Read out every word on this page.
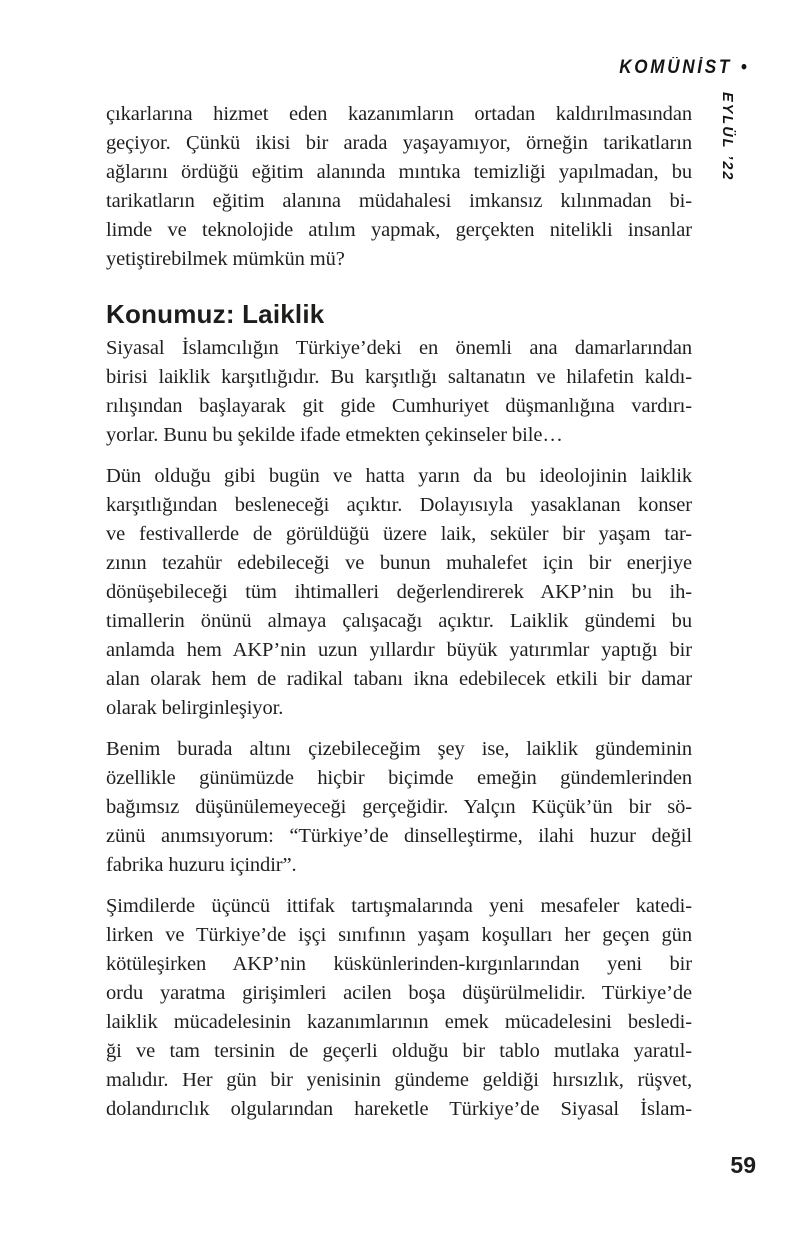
KOMÜNİST •
EYLÜL ’22
çıkarlarına hizmet eden kazanımların ortadan kaldırılmasından
geçiyor. Çünkü ikisi bir arada yaşayamıyor, örneğin tarikatların
ağlarını ördüğü eğitim alanında mıntıka temizliği yapılmadan, bu
tarikatların eğitim alanına müdahalesi imkansız kılınmadan bi-
limde ve teknolojide atılım yapmak, gerçekten nitelikli insanlar
yetiştirebilmek mümkün mü?
Konumuz: Laiklik
Siyasal İslamcılığın Türkiye’deki en önemli ana damarlarından
birisi laiklik karşıtlığıdır. Bu karşıtlığı saltanatın ve hilafetin kaldı-
rılışından başlayarak git gide Cumhuriyet düşmanlığına vardırı-
yorlar. Bunu bu şekilde ifade etmekten çekinseler bile…
Dün olduğu gibi bugün ve hatta yarın da bu ideolojinin laiklik
karşıtlığından besleneceği açıktır. Dolayısıyla yasaklanan konser
ve festivallerde de görüldüğü üzere laik, seküler bir yaşam tar-
zının tezahür edebileceği ve bunun muhalefet için bir enerjiye
dönüşebileceği tüm ihtimalleri değerlendirerek AKP’nin bu ih-
timallerin önünü almaya çalışacağı açıktır. Laiklik gündemi bu
anlamda hem AKP’nin uzun yıllardır büyük yatırımlar yaptığı bir
alan olarak hem de radikal tabanı ikna edebilecek etkili bir damar
olarak belirginleşiyor.
Benim burada altını çizebileceğim şey ise, laiklik gündeminin
özellikle günümüzde hiçbir biçimde emeğin gündemlerinden
bağımsız düşünülemeyeceği gerçeğidir. Yalçın Küçük’ün bir sö-
zünü anımsıyorum: “Türkiye’de dinselleştirme, ilahi huzur değil
fabrika huzuru içindir”.
Şimdilerde üçüncü ittifak tartışmalarında yeni mesafeler katedi-
lirken ve Türkiye’de işçi sınıfının yaşam koşulları her geçen gün
kötüleşirken AKP’nin küskünlerinden-kırgınlarından yeni bir
ordu yaratma girişimleri acilen boşa düşürülmelidir. Türkiye’de
laiklik mücadelesinin kazanımlarının emek mücadelesini besledi-
ği ve tam tersinin de geçerli olduğu bir tablo mutlaka yaratıl-
malıdır. Her gün bir yenisinin gündeme geldiği hırsızlık, rüşvet,
dolandırıclık olgularından hareketle Türkiye’de Siyasal İslam-
59
